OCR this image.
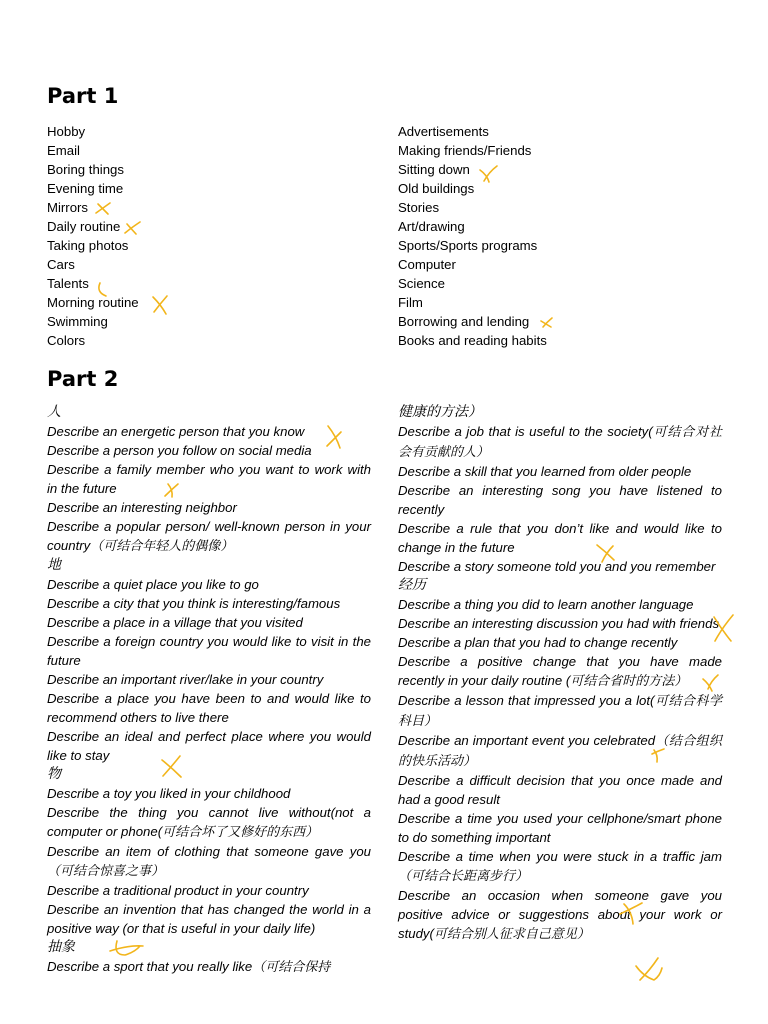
Part 1
Hobby
Email
Boring things
Evening time
Mirrors
Daily routine
Taking photos
Cars
Talents
Morning routine
Swimming
Colors
Advertisements
Making friends/Friends
Sitting down
Old buildings
Stories
Art/drawing
Sports/Sports programs
Computer
Science
Film
Borrowing and lending
Books and reading habits
Part 2
人
Describe an energetic person that you know
Describe a person you follow on social media
Describe a family member who you want to work with in the future
Describe an interesting neighbor
Describe a popular person/ well-known person in your country（可结合年轻人的偶像）
地
Describe a quiet place you like to go
Describe a city that you think is interesting/famous
Describe a place in a village that you visited
Describe a foreign country you would like to visit in the future
Describe an important river/lake in your country
Describe a place you have been to and would like to recommend others to live there
Describe an ideal and perfect place where you would like to stay
物
Describe a toy you liked in your childhood
Describe the thing you cannot live without(not a computer or phone(可结合坏了又修好的东西）
Describe an item of clothing that someone gave you（可结合惊喜之事）
Describe a traditional product in your country
Describe an invention that has changed the world in a positive way (or that is useful in your daily life)
抽象
Describe a sport that you really like（可结合保持
健康的方法）
Describe a job that is useful to the society(可结合对社会有贡献的人）
Describe a skill that you learned from older people
Describe an interesting song you have listened to recently
Describe a rule that you don’t like and would like to change in the future
Describe a story someone told you and you remember
经历
Describe a thing you did to learn another language
Describe an interesting discussion you had with friends
Describe a plan that you had to change recently
Describe a positive change that you have made recently in your daily routine (可结合省时的方法）
Describe a lesson that impressed you a lot(可结合科学科目）
Describe an important event you celebrated（结合组织的快乐活动）
Describe a difficult decision that you once made and had a good result
Describe a time you used your cellphone/smart phone to do something important
Describe a time when you were stuck in a traffic jam（可结合长距离步行）
Describe an occasion when someone gave you positive advice or suggestions about your work or study(可结合别人征求自己意见）
